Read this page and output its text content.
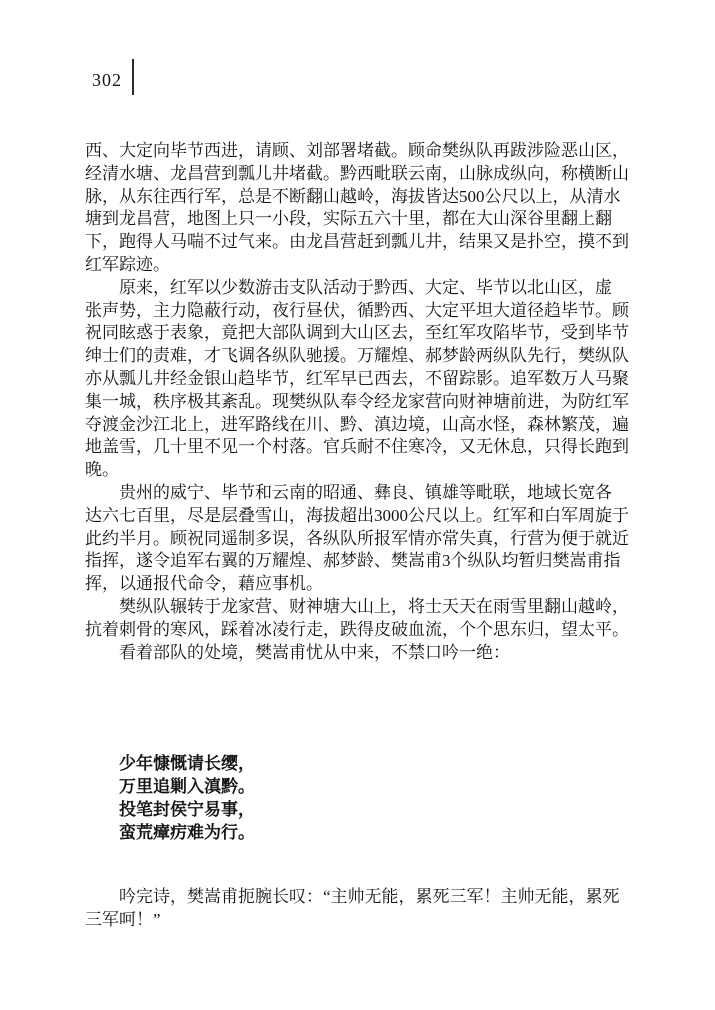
302
西、大定向毕节西进，请顾、刘部署堵截。顾命樊纵队再跋涉险恶山区，
经清水塘、龙昌营到瓢儿井堵截。黔西毗联云南，山脉成纵向，称横断山
脉，从东往西行军，总是不断翻山越岭，海拔皆达500公尺以上，从清水
塘到龙昌营，地图上只一小段，实际五六十里，都在大山深谷里翻上翻
下，跑得人马喘不过气来。由龙昌营赶到瓢儿井，结果又是扑空，摸不到
红军踪迹。
原来，红军以少数游击支队活动于黔西、大定、毕节以北山区，虚
张声势，主力隐蔽行动，夜行昼伏，循黔西、大定平坦大道径趋毕节。顾
祝同眩惑于表象，竟把大部队调到大山区去，至红军攻陷毕节，受到毕节
绅士们的责难，才飞调各纵队驰援。万耀煌、郝梦龄两纵队先行，樊纵队
亦从瓢儿井经金银山趋毕节，红军早已西去，不留踪影。追军数万人马聚
集一城，秩序极其紊乱。现樊纵队奉令经龙家营向财神塘前进，为防红军
夺渡金沙江北上，进军路线在川、黔、滇边境，山高水怪，森林繁茂，遍
地盖雪，几十里不见一个村落。官兵耐不住寒冷，又无休息，只得长跑到
晚。
贵州的威宁、毕节和云南的昭通、彝良、镇雄等毗联，地域长宽各
达六七百里，尽是层叠雪山，海拔超出3000公尺以上。红军和白军周旋于
此约半月。顾祝同遥制多误，各纵队所报军情亦常失真，行营为便于就近
指挥，遂令追军右翼的万耀煌、郝梦龄、樊嵩甫3个纵队均暂归樊嵩甫指
挥，以通报代命令，藉应事机。
樊纵队辗转于龙家营、财神塘大山上，将士天天在雨雪里翻山越岭，
抗着刺骨的寒风，踩着冰凌行走，跌得皮破血流，个个思东归，望太平。
看着部队的处境，樊嵩甫忧从中来，不禁口吟一绝：
少年慷慨请长缨，
万里追剿入滇黔。
投笔封侯宁易事，
蛮荒瘴疠难为行。
吟完诗，樊嵩甫扼腕长叹：“主帅无能，累死三军！主帅无能，累死
三军呵！”
